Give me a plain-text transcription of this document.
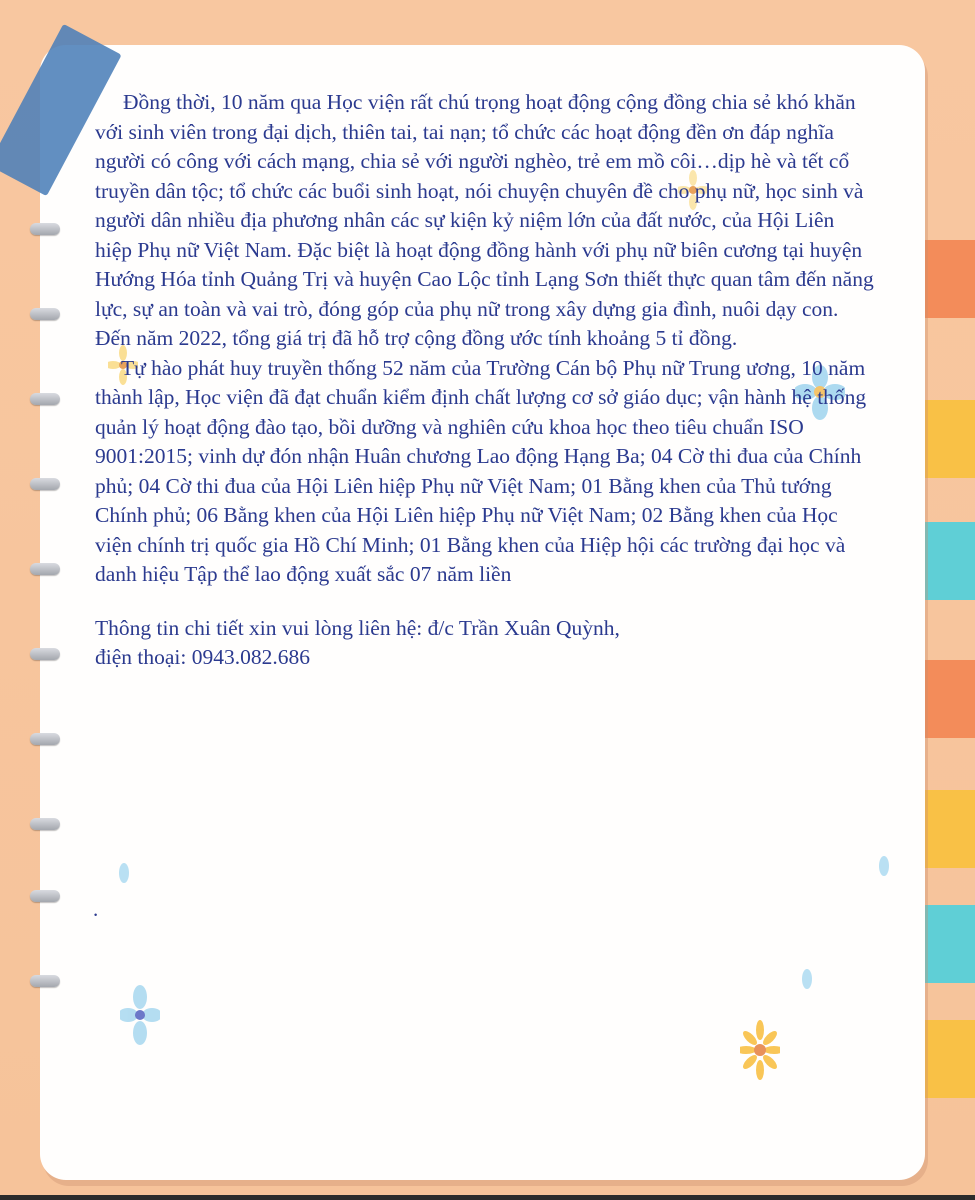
Đồng thời, 10 năm qua Học viện rất chú trọng hoạt động cộng đồng chia sẻ khó khăn với sinh viên trong đại dịch, thiên tai, tai nạn; tổ chức các hoạt động đền ơn đáp nghĩa người có công với cách mạng, chia sẻ với người nghèo, trẻ em mồ côi…dịp hè và tết cổ truyền dân tộc; tổ chức các buổi sinh hoạt, nói chuyện chuyên đề cho phụ nữ, học sinh và người dân nhiều địa phương nhân các sự kiện kỷ niệm lớn của đất nước, của Hội Liên hiệp Phụ nữ Việt Nam. Đặc biệt là hoạt động đồng hành với phụ nữ biên cương tại huyện Hướng Hóa tỉnh Quảng Trị và huyện Cao Lộc tỉnh Lạng Sơn thiết thực quan tâm đến năng lực, sự an toàn và vai trò, đóng góp của phụ nữ trong xây dựng gia đình, nuôi dạy con. Đến năm 2022, tổng giá trị đã hỗ trợ cộng đồng ước tính khoảng 5 tỉ đồng.

Tự hào phát huy truyền thống 52 năm của Trường Cán bộ Phụ nữ Trung ương, 10 năm thành lập, Học viện đã đạt chuẩn kiểm định chất lượng cơ sở giáo dục; vận hành hệ thống quản lý hoạt động đào tạo, bồi dưỡng và nghiên cứu khoa học theo tiêu chuẩn ISO 9001:2015; vinh dự đón nhận Huân chương Lao động Hạng Ba; 04 Cờ thi đua của Chính phủ; 04 Cờ thi đua của Hội Liên hiệp Phụ nữ Việt Nam; 01 Bằng khen của Thủ tướng Chính phủ; 06 Bằng khen của Hội Liên hiệp Phụ nữ Việt Nam; 02 Bằng khen của Học viện chính trị quốc gia Hồ Chí Minh; 01 Bằng khen của Hiệp hội các trường đại học và danh hiệu Tập thể lao động xuất sắc 07 năm liền

Thông tin chi tiết xin vui lòng liên hệ: đ/c Trần Xuân Quỳnh,
điện thoại: 0943.082.686

.
